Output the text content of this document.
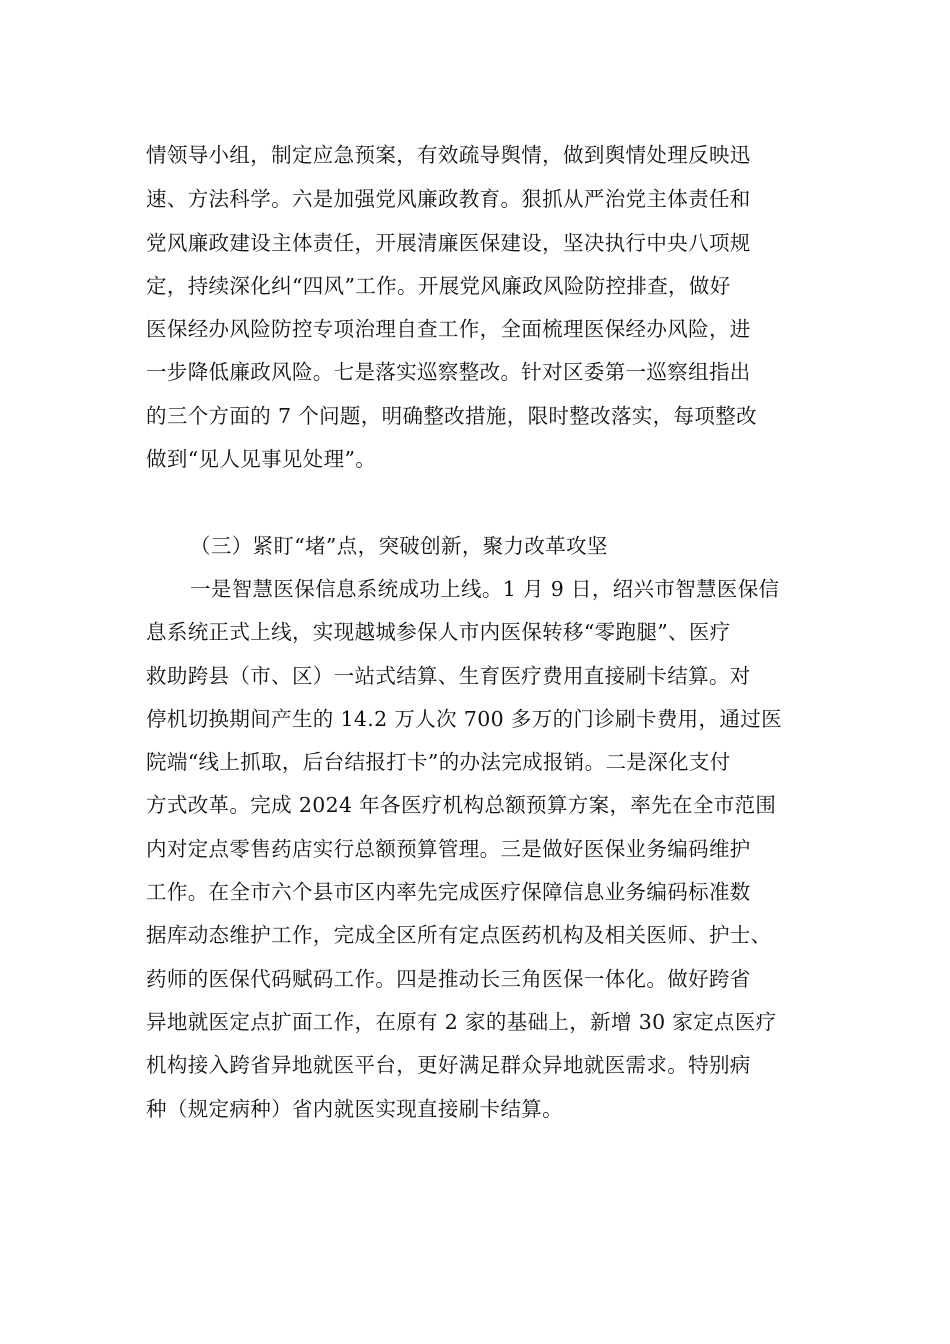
情领导小组，制定应急预案，有效疏导舆情，做到舆情处理反映迅
速、方法科学。六是加强党风廉政教育。狠抓从严治党主体责任和
党风廉政建设主体责任，开展清廉医保建设，坚决执行中央八项规
定，持续深化纠“四风”工作。开展党风廉政风险防控排查，做好
医保经办风险防控专项治理自查工作，全面梳理医保经办风险，进
一步降低廉政风险。七是落实巡察整改。针对区委第一巡察组指出
的三个方面的 7 个问题，明确整改措施，限时整改落实，每项整改
做到“见人见事见处理”。
（三）紧盯“堵”点，突破创新，聚力改革攻坚
一是智慧医保信息系统成功上线。1 月 9 日，绍兴市智慧医保信
息系统正式上线，实现越城参保人市内医保转移“零跑腿”、医疗
救助跨县（市、区）一站式结算、生育医疗费用直接刷卡结算。对
停机切换期间产生的 14.2 万人次 700 多万的门诊刷卡费用，通过医
院端“线上抓取，后台结报打卡”的办法完成报销。二是深化支付
方式改革。完成 2024 年各医疗机构总额预算方案，率先在全市范围
内对定点零售药店实行总额预算管理。三是做好医保业务编码维护
工作。在全市六个县市区内率先完成医疗保障信息业务编码标准数
据库动态维护工作，完成全区所有定点医药机构及相关医师、护士、
药师的医保代码赋码工作。四是推动长三角医保一体化。做好跨省
异地就医定点扩面工作，在原有 2 家的基础上，新增 30 家定点医疗
机构接入跨省异地就医平台，更好满足群众异地就医需求。特别病
种（规定病种）省内就医实现直接刷卡结算。
